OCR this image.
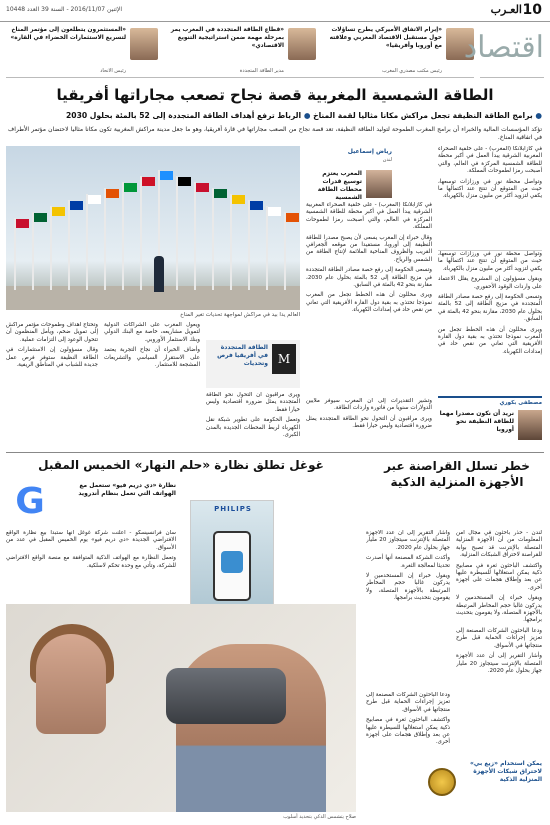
10
العـرب
الإثنين 2016/11/07 - السنة 39 العدد 10448
«إبرام الاتفاق الأميركي يطرح تساؤلات حول مستقبل الاقتصاد المغربي وعلاقته مع أوروبا وأفريقيا»
رئيس مكتب مصدري المغرب
«قطاع الطاقة المتجددة في المغرب يمر بمرحلة مهمة ضمن استراتيجية التنويع الاقتصادي»
مدير الطاقة المتجددة
«المستثمرون يتطلعون إلى مؤتمر المناخ لتسريع الاستثمارات الخضراء في القارة»
رئيس الاتحاد
اقتصاد
الطاقة الشمسية المغربية قصة نجاح تصعب مجاراتها أفريقيا
● برامج الطاقة النظيفة تجعل مراكش مكانا مثاليا لقمة المناخ ● الرباط ترفع أهداف الطاقة المتجددة إلى 52 بالمئة بحلول 2030

تؤكد المؤسسات المالية والخبراء أن برامج المغرب الطموحة لتوليد الطاقة النظيفة، تعد قصة نجاح من الصعب مجاراتها في قارة أفريقيا، وهو ما جعل مدينة مراكش المغربية تكون مكانا مثاليا لاحتضان مؤتمر الأطراف في اتفاقية المناخ.

العالم يدا بيد في مراكش لمواجهة تحديات تغير المناخ
رياض إسماعيل
لندن
المغرب يعتزم توسيع قدرات محطات الطاقة الشمسية

في كازابلانكا (المغرب) - على خلفية الصحراء المغربية الشرقية يبدأ العمل في أكبر محطة للطاقة الشمسية المركزة في العالم، والتي أصبحت رمزا لطموحات المملكة.

وقال خبراء إن المغرب يسعى لأن يصبح مصدرا للطاقة النظيفة إلى أوروبا، مستفيدا من موقعه الجغرافي القريب والظروف المناخية الملائمة لإنتاج الطاقة من الشمس والرياح.

وتسعى الحكومة إلى رفع حصة مصادر الطاقة المتجددة في مزيج الطاقة إلى 52 بالمئة بحلول عام 2030، مقارنة بنحو 42 بالمئة في السابق.

ويرى محللون أن هذه الخطط تجعل من المغرب نموذجا تحتذي به بقية دول القارة الأفريقية التي تعاني من نقص حاد في إمدادات الكهرباء.

في كازابلانكا (المغرب) - على خلفية الصحراء المغربية الشرقية يبدأ العمل في أكبر محطة للطاقة الشمسية المركزة في العالم، والتي أصبحت رمزا لطموحات المملكة.

وتواصل محطة نور في ورزازات توسعها، حيث من المتوقع أن تنتج عند اكتمالها ما يكفي لتزويد أكثر من مليون منزل بالكهرباء.

وتواصل محطة نور في ورزازات توسعها، حيث من المتوقع أن تنتج عند اكتمالها ما يكفي لتزويد أكثر من مليون منزل بالكهرباء.

ويقول مسؤولون إن المشروع يقلل الاعتماد على واردات الوقود الأحفوري.

وتسعى الحكومة إلى رفع حصة مصادر الطاقة المتجددة في مزيج الطاقة إلى 52 بالمئة بحلول عام 2030، مقارنة بنحو 42 بالمئة في السابق.

ويرى محللون أن هذه الخطط تجعل من المغرب نموذجا تحتذي به بقية دول القارة الأفريقية التي تعاني من نقص حاد في إمدادات الكهرباء.

وتشير التقديرات إلى أن المغرب سيوفر ملايين الدولارات سنويا من فاتورة واردات الطاقة.

ويرى مراقبون أن التحول نحو الطاقة المتجددة يمثل ضرورة اقتصادية وليس خيارا فقط.

مصطفى بكوري
نريد أن نكون مصدرا مهما للطاقة النظيفة نحو أوروبا

وتحتاج أهداف وطموحات مؤتمر مراكش إلى تمويل ضخم، ويأمل المنظمون أن تتحول الوعود إلى التزامات عملية.

وقال مسؤولون إن الاستثمارات في الطاقة النظيفة ستوفر فرص عمل جديدة للشباب في المناطق الريفية.

ويعول المغرب على الشراكات الدولية لتمويل مشاريعه، خاصة مع البنك الدولي وبنك الاستثمار الأوروبي.

وأضاف الخبراء أن نجاح التجربة يعتمد على الاستقرار السياسي والتشريعات المشجعة للاستثمار.	M
الطاقة المتجددة في أفريقيا فرص وتحديات

ويرى مراقبون أن التحول نحو الطاقة المتجددة يمثل ضرورة اقتصادية وليس خيارا فقط.

وتعمل الحكومة على تطوير شبكة نقل الكهرباء لربط المحطات الجديدة بالمدن الكبرى.

خطر تسلل القراصنة عبر الأجهزة المنزلية الذكية
PHILIPS

لندن - حذر باحثون في مجال أمن المعلومات من أن الأجهزة المنزلية المتصلة بالإنترنت قد تصبح بوابة للقراصنة لاختراق الشبكات المنزلية.

واكتشف الباحثون ثغرة في مصابيح ذكية يمكن استغلالها للسيطرة عليها عن بعد وإطلاق هجمات على أجهزة أخرى.

ويقول خبراء إن المستخدمين لا يدركون غالبا حجم المخاطر المرتبطة بالأجهزة المتصلة، ولا يقومون بتحديث برامجها.

ودعا الباحثون الشركات المصنعة إلى تعزيز إجراءات الحماية قبل طرح منتجاتها في الأسواق.

وأشار التقرير إلى أن عدد الأجهزة المتصلة بالإنترنت سيتجاوز 20 مليار جهاز بحلول عام 2020.

وأشار التقرير إلى أن عدد الأجهزة المتصلة بالإنترنت سيتجاوز 20 مليار جهاز بحلول عام 2020.

وأكدت الشركة المصنعة أنها أصدرت تحديثا لمعالجة الثغرة.

ويقول خبراء إن المستخدمين لا يدركون غالبا حجم المخاطر المرتبطة بالأجهزة المتصلة، ولا يقومون بتحديث برامجها.

ودعا الباحثون الشركات المصنعة إلى تعزيز إجراءات الحماية قبل طرح منتجاتها في الأسواق.

واكتشف الباحثون ثغرة في مصابيح ذكية يمكن استغلالها للسيطرة عليها عن بعد وإطلاق هجمات على أجهزة أخرى.

يمكن استخدام «زيغ بي» لاختراق شبكات الأجهزة المنزلية الذكية
غوغل تطلق نظارة «حلم النهار» الخميس المقبل
G	نظارة «دي دريم فيو» ستعمل مع الهواتف التي تعمل بنظام أندرويد

سان فرانسيسكو - أعلنت شركة غوغل أنها ستبدأ بيع نظارة الواقع الافتراضي الجديدة «دي دريم فيو» يوم الخميس المقبل في عدد من الأسواق.

وتعمل النظارة مع الهواتف الذكية المتوافقة مع منصة الواقع الافتراضي للشركة، وتأتي مع وحدة تحكم لاسلكية.

صلاح يتشمس الذكي بتحديد أسلوب
